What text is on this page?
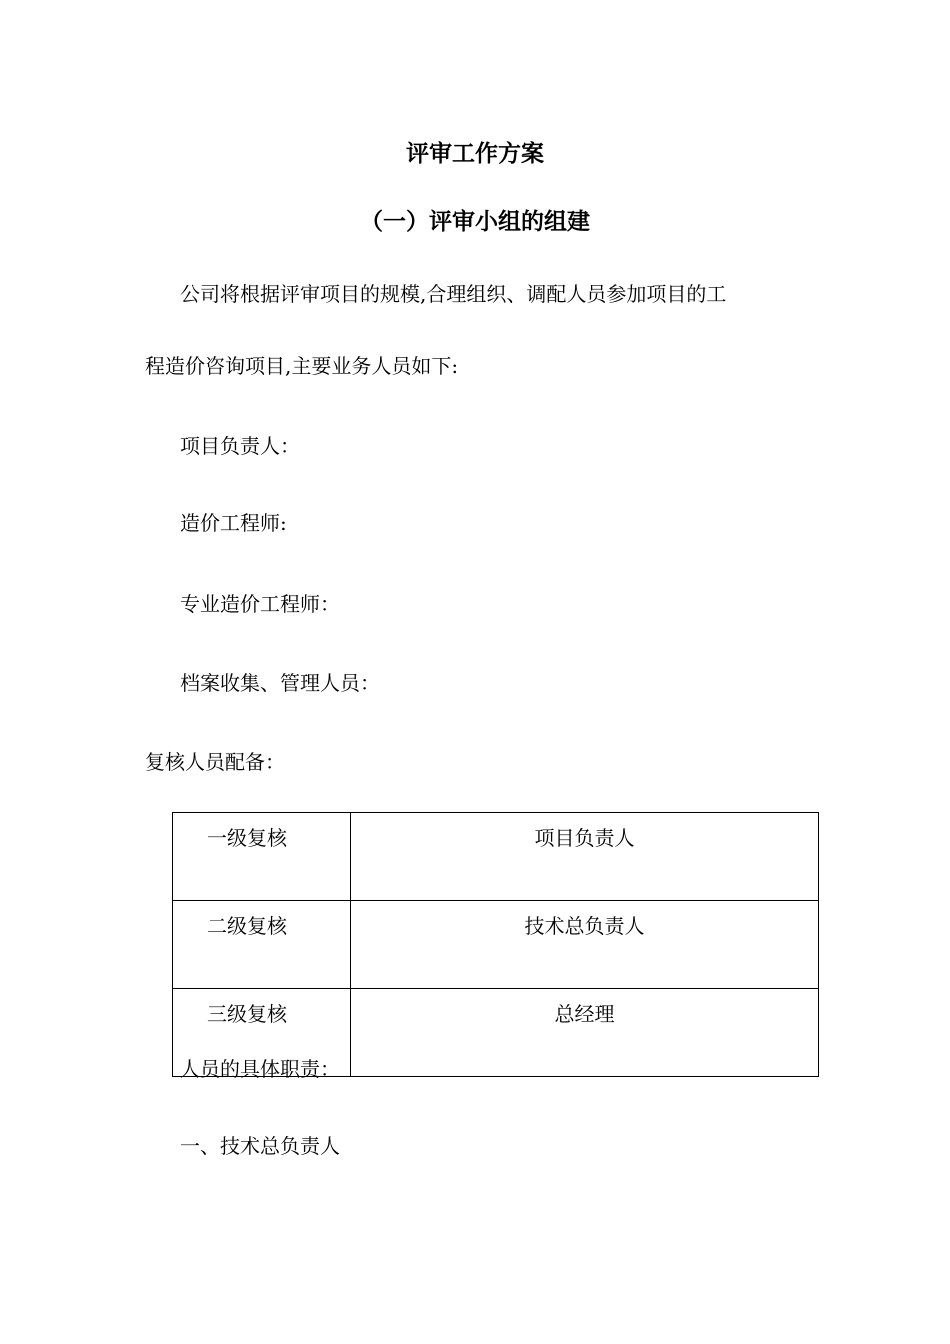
评审工作方案
（一）评审小组的组建
公司将根据评审项目的规模,合理组织、调配人员参加项目的工
程造价咨询项目,主要业务人员如下:
项目负责人：
造价工程师:
专业造价工程师：
档案收集、管理人员：
复核人员配备：
一级复核	项目负责人
二级复核	技术总负责人
三级复核	总经理
人员的具体职责：
一、技术总负责人
